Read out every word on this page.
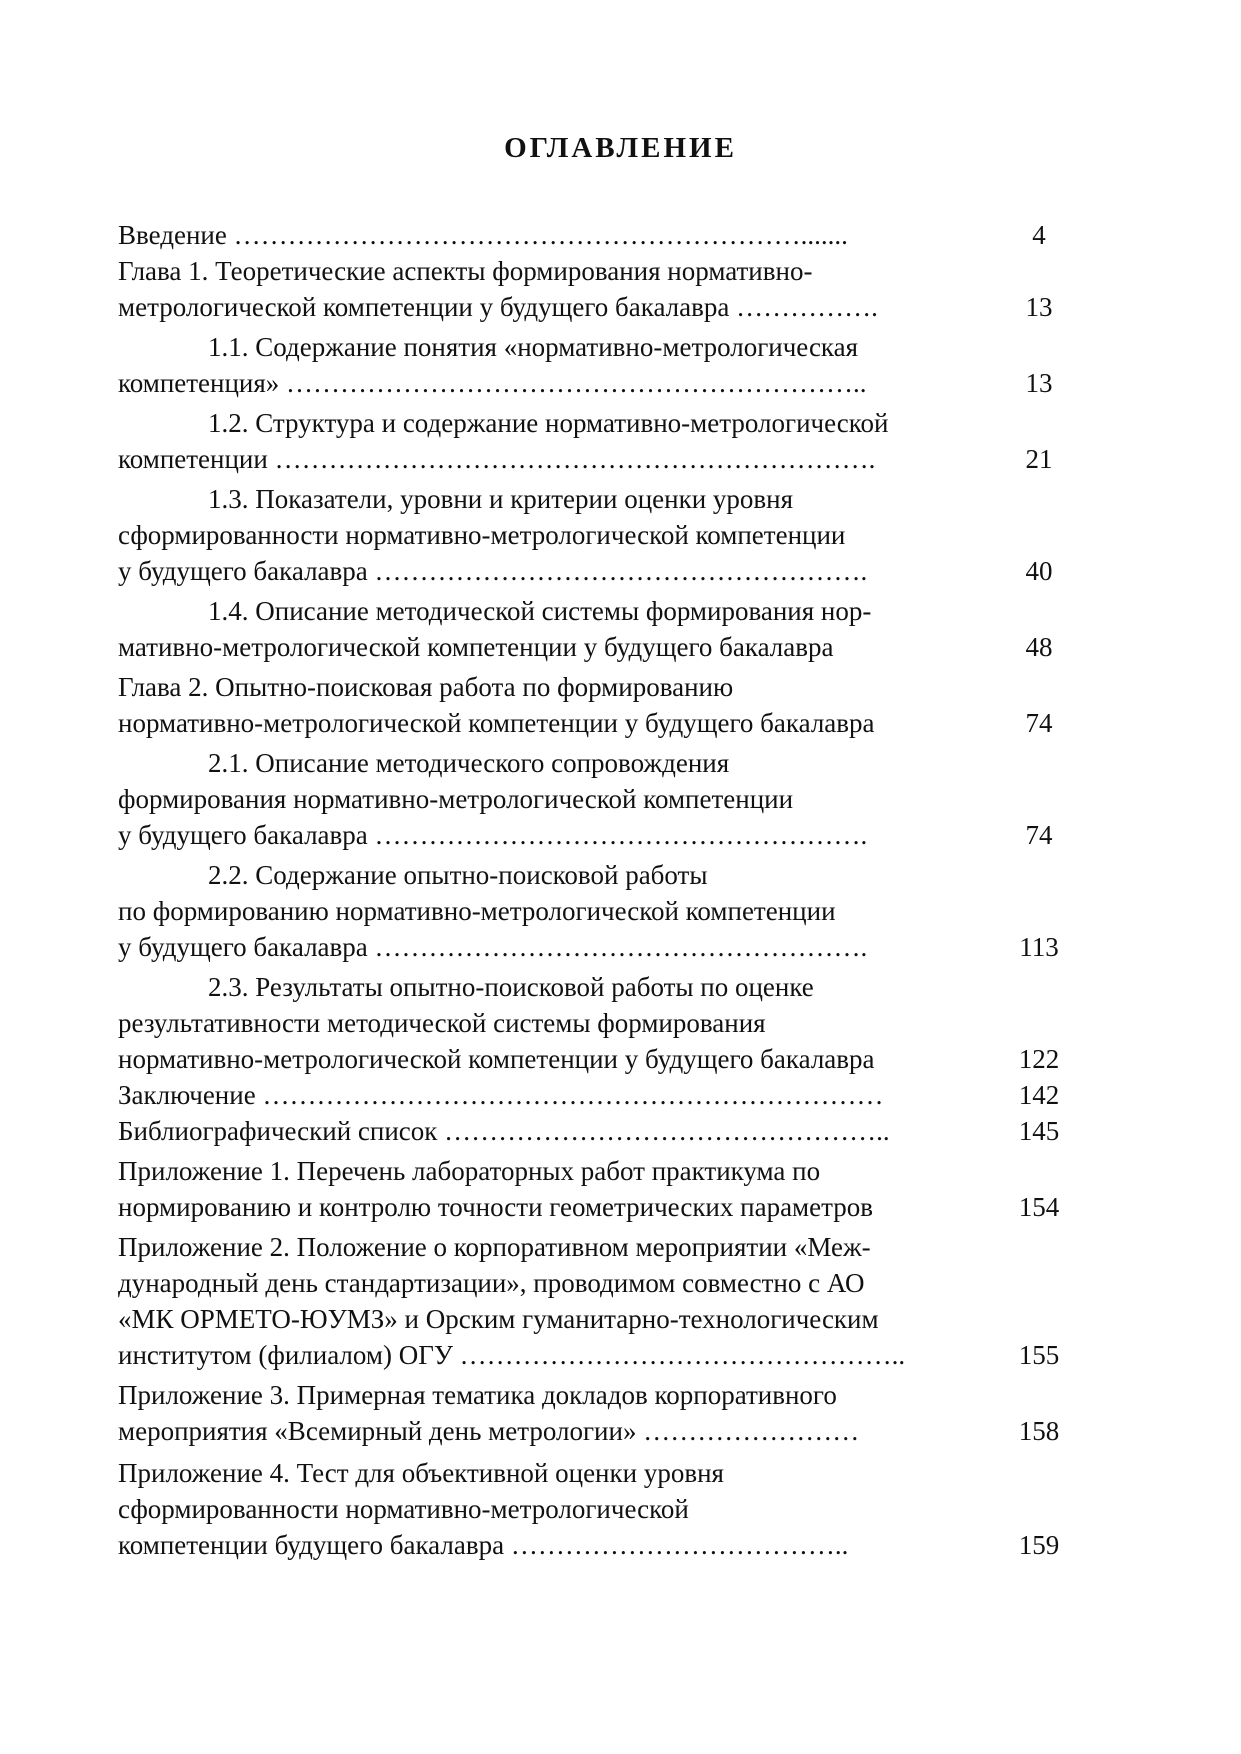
ОГЛАВЛЕНИЕ
Введение ……………………………………………………….......	4
Глава 1. Теоретические аспекты формирования нормативно-
метрологической компетенции у будущего бакалавра …………….	13
1.1. Содержание понятия «нормативно-метрологическая
компетенция» ………………………………………………………..	13
1.2. Структура и содержание нормативно-метрологической
компетенции ………………………………………………………….	21
1.3. Показатели, уровни и критерии оценки уровня
сформированности нормативно-метрологической компетенции
у будущего бакалавра ……………………………………………….	40
1.4. Описание методической системы формирования нор-
мативно-метрологической компетенции у будущего бакалавра	48
Глава 2. Опытно-поисковая работа по формированию
нормативно-метрологической компетенции у будущего бакалавра	74
2.1. Описание методического сопровождения
формирования нормативно-метрологической компетенции
у будущего бакалавра ……………………………………………….	74
2.2. Содержание опытно-поисковой работы
по формированию нормативно-метрологической компетенции
у будущего бакалавра ……………………………………………….	113
2.3. Результаты опытно-поисковой работы по оценке
результативности методической системы формирования
нормативно-метрологической компетенции у будущего бакалавра	122
Заключение ……………………………………………………………	142
Библиографический список …………………………………………..	145
Приложение 1. Перечень лабораторных работ практикума по
нормированию и контролю точности геометрических параметров	154
Приложение 2. Положение о корпоративном мероприятии «Меж-
дународный день стандартизации», проводимом совместно с АО
«МК ОРМЕТО-ЮУМЗ» и Орским гуманитарно-технологическим
институтом (филиалом) ОГУ …………………………………………..	155
Приложение 3. Примерная тематика докладов корпоративного
мероприятия «Всемирный день метрологии» ……………………	158
Приложение 4. Тест для объективной оценки уровня
сформированности нормативно-метрологической
компетенции будущего бакалавра ………………………………..	159
